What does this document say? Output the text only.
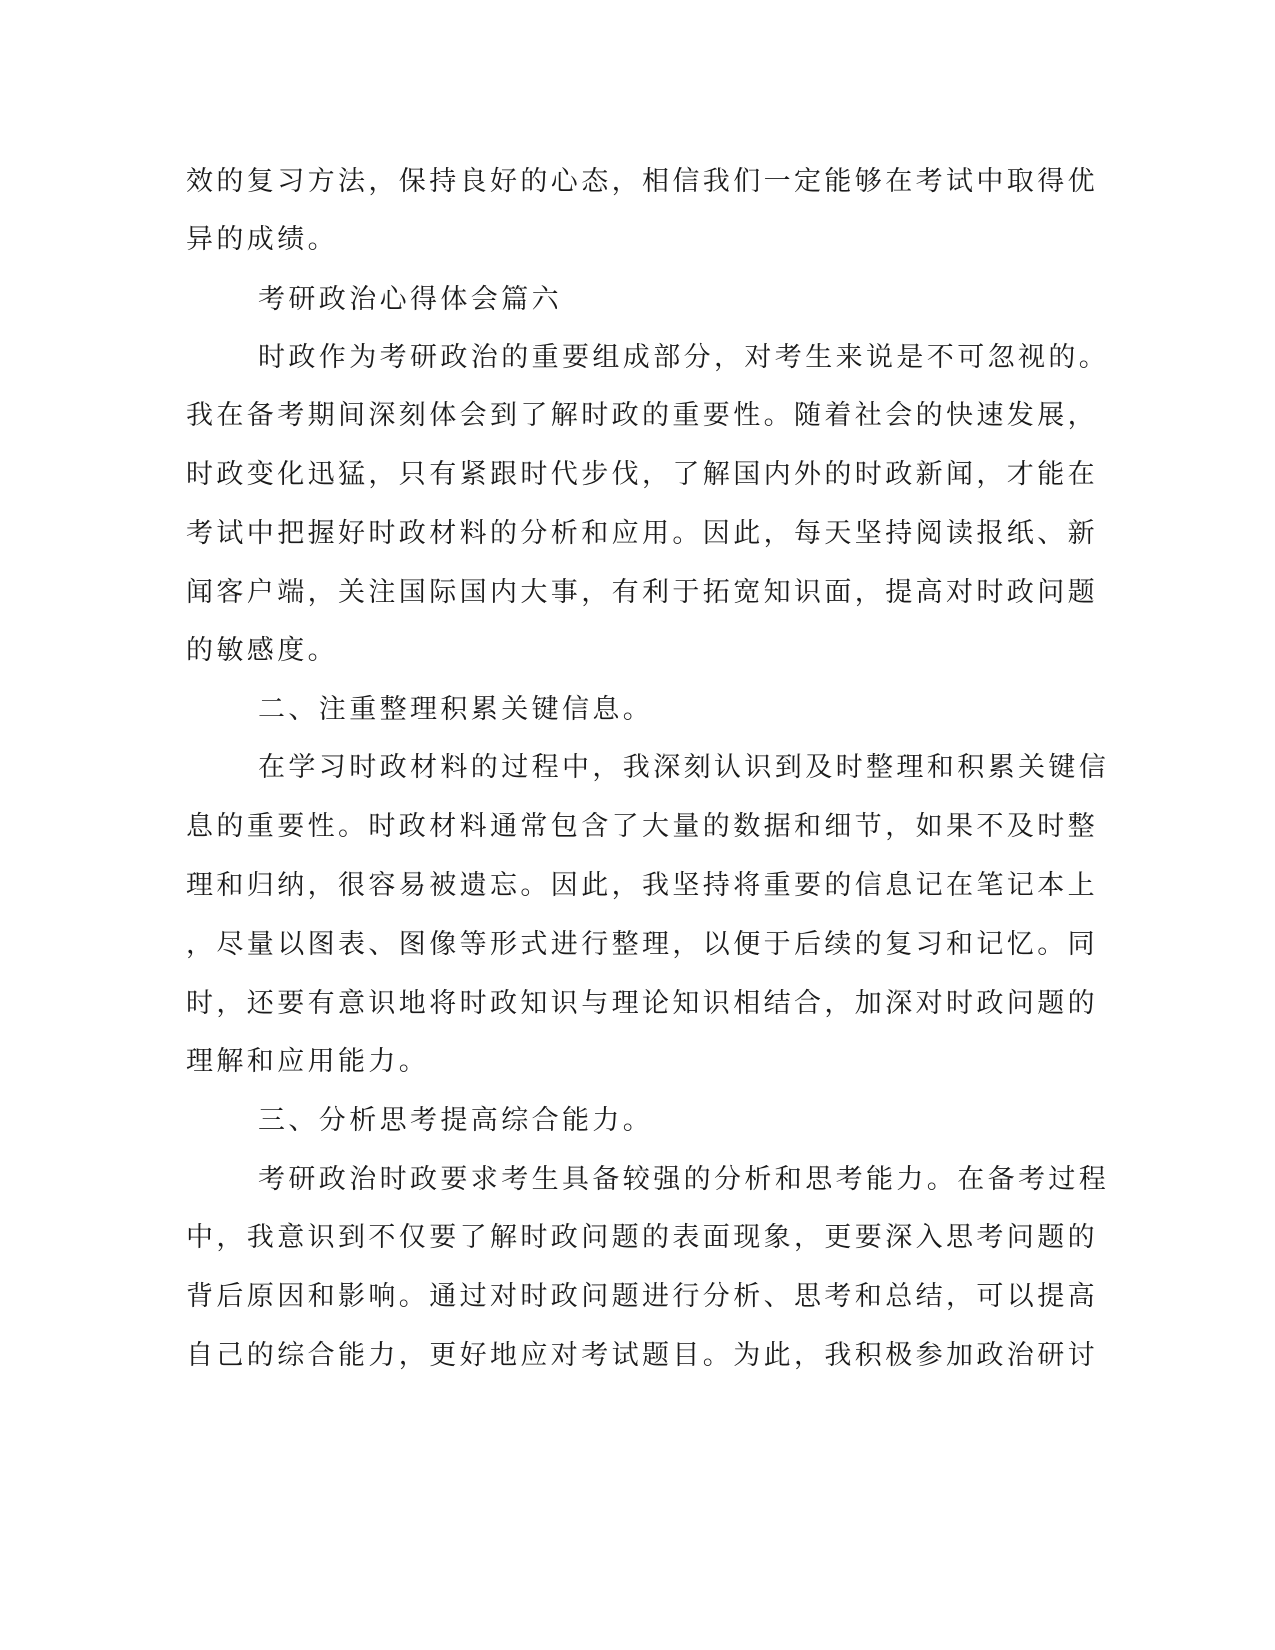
效的复习方法，保持良好的心态，相信我们一定能够在考试中取得优
异的成绩。
考研政治心得体会篇六
时政作为考研政治的重要组成部分，对考生来说是不可忽视的。
我在备考期间深刻体会到了解时政的重要性。随着社会的快速发展，
时政变化迅猛，只有紧跟时代步伐，了解国内外的时政新闻，才能在
考试中把握好时政材料的分析和应用。因此，每天坚持阅读报纸、新
闻客户端，关注国际国内大事，有利于拓宽知识面，提高对时政问题
的敏感度。
二、注重整理积累关键信息。
在学习时政材料的过程中，我深刻认识到及时整理和积累关键信
息的重要性。时政材料通常包含了大量的数据和细节，如果不及时整
理和归纳，很容易被遗忘。因此，我坚持将重要的信息记在笔记本上
，尽量以图表、图像等形式进行整理，以便于后续的复习和记忆。同
时，还要有意识地将时政知识与理论知识相结合，加深对时政问题的
理解和应用能力。
三、分析思考提高综合能力。
考研政治时政要求考生具备较强的分析和思考能力。在备考过程
中，我意识到不仅要了解时政问题的表面现象，更要深入思考问题的
背后原因和影响。通过对时政问题进行分析、思考和总结，可以提高
自己的综合能力，更好地应对考试题目。为此，我积极参加政治研讨
